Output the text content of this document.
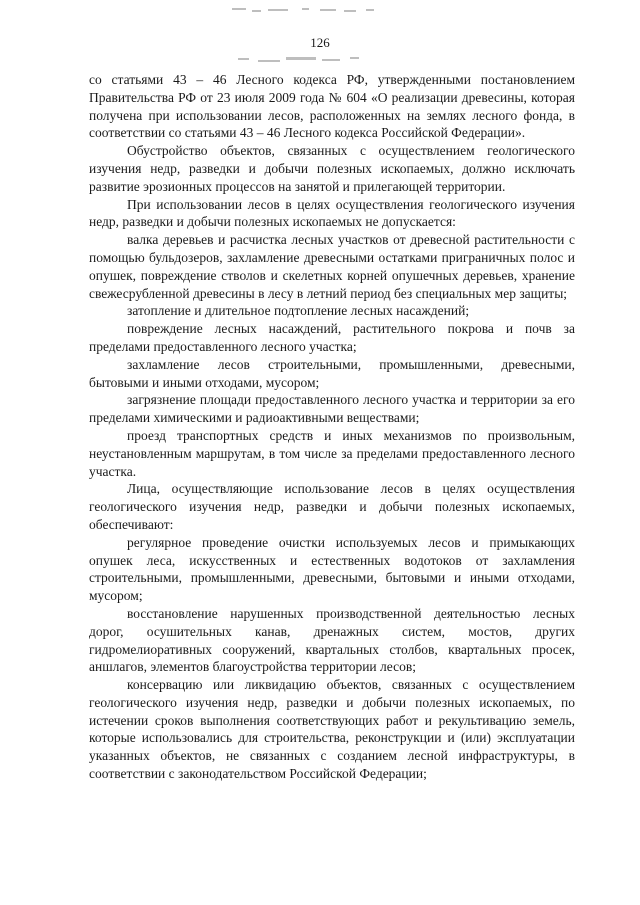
126

со статьями 43 – 46 Лесного кодекса РФ, утвержденными постановлением Правительства РФ от 23 июля 2009 года № 604 «О реализации древесины, которая получена при использовании лесов, расположенных на землях лесного фонда, в соответствии со статьями 43 – 46 Лесного кодекса Российской Федерации».

Обустройство объектов, связанных с осуществлением геологического изучения недр, разведки и добычи полезных ископаемых, должно исключать развитие эрозионных процессов на занятой и прилегающей территории.

При использовании лесов в целях осуществления геологического изучения недр, разведки и добычи полезных ископаемых не допускается:

валка деревьев и расчистка лесных участков от древесной растительности с помощью бульдозеров, захламление древесными остатками приграничных полос и опушек, повреждение стволов и скелетных корней опушечных деревьев, хранение свежесрубленной древесины в лесу в летний период без специальных мер защиты;

затопление и длительное подтопление лесных насаждений;

повреждение лесных насаждений, растительного покрова и почв за пределами предоставленного лесного участка;

захламление лесов строительными, промышленными, древесными, бытовыми и иными отходами, мусором;

загрязнение площади предоставленного лесного участка и территории за его пределами химическими и радиоактивными веществами;

проезд транспортных средств и иных механизмов по произвольным, неустановленным маршрутам, в том числе за пределами предоставленного лесного участка.

Лица, осуществляющие использование лесов в целях осуществления геологического изучения недр, разведки и добычи полезных ископаемых, обеспечивают:

регулярное проведение очистки используемых лесов и примыкающих опушек леса, искусственных и естественных водотоков от захламления строительными, промышленными, древесными, бытовыми и иными отходами, мусором;

восстановление нарушенных производственной деятельностью лесных дорог, осушительных канав, дренажных систем, мостов, других гидромелиоративных сооружений, квартальных столбов, квартальных просек, аншлагов, элементов благоустройства территории лесов;

консервацию или ликвидацию объектов, связанных с осуществлением геологического изучения недр, разведки и добычи полезных ископаемых, по истечении сроков выполнения соответствующих работ и рекультивацию земель, которые использовались для строительства, реконструкции и (или) эксплуатации указанных объектов, не связанных с созданием лесной инфраструктуры, в соответствии с законодательством Российской Федерации;
